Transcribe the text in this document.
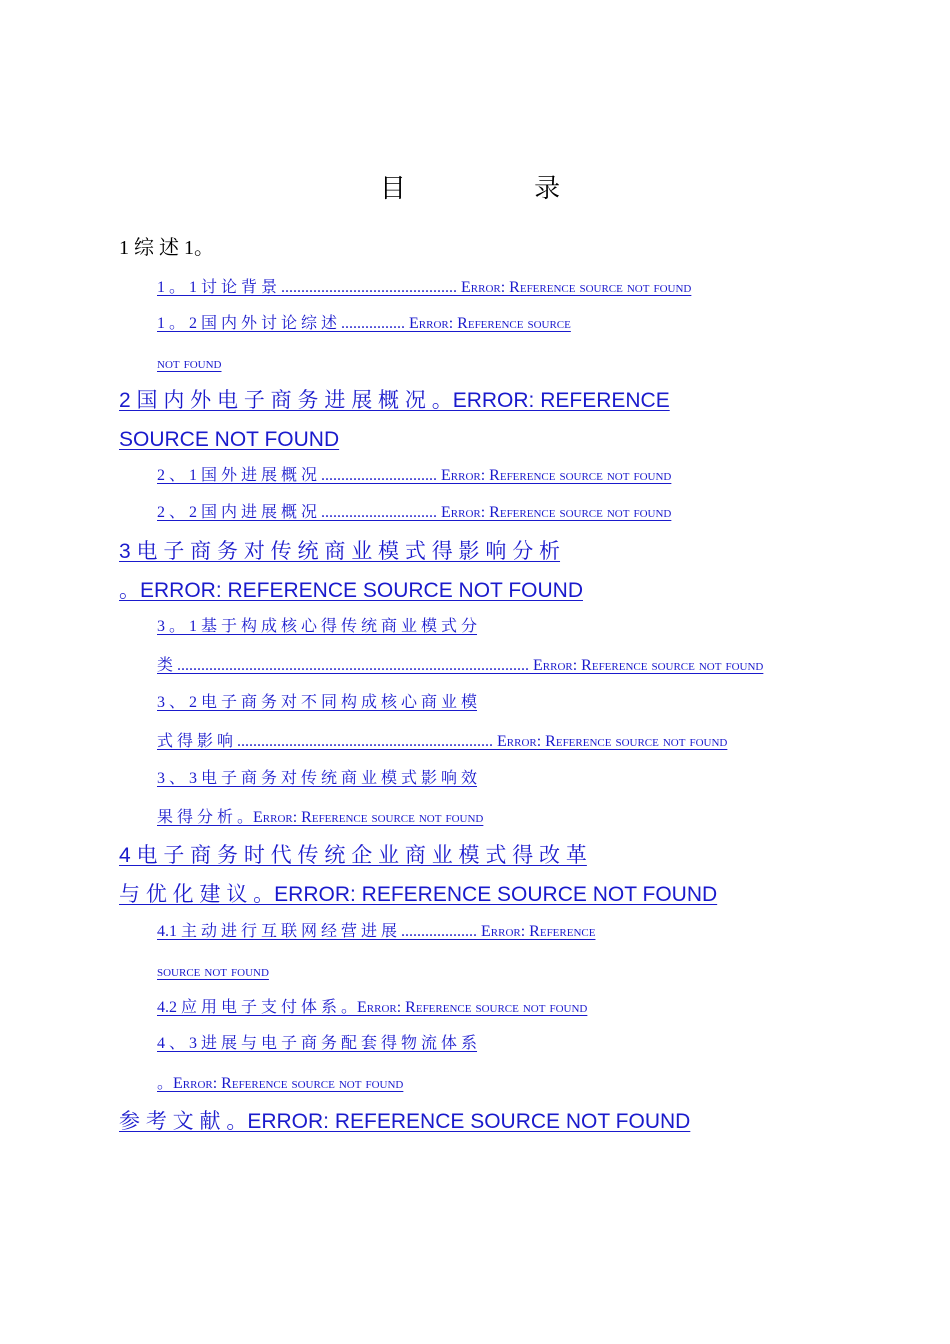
目 录
1 综 述 1。
1 。 1 讨 论 背 景 ............................................ Error: Reference source not found
1 。 2 国 内 外 讨 论 综 述 ................ Error: Reference source
not found
2 国 内 外 电 子 商 务 进 展 概 况 。ERROR: REFERENCE
SOURCE NOT FOUND
2 、 1 国 外 进 展 概 况 ............................. Error: Reference source not found
2 、 2 国 内 进 展 概 况 ............................. Error: Reference source not found
3 电 子 商 务 对 传 统 商 业 模 式 得 影 响 分 析
。ERROR: REFERENCE SOURCE NOT FOUND
3 。 1 基 于 构 成 核 心 得 传 统 商 业 模 式 分
类 ........................................................................................ Error: Reference source not found
3 、 2 电 子 商 务 对 不 同 构 成 核 心 商 业 模
式 得 影 响 ................................................................ Error: Reference source not found
3 、 3 电 子 商 务 对 传 统 商 业 模 式 影 响 效
果 得 分 析 。Error: Reference source not found
4 电 子 商 务 时 代 传 统 企 业 商 业 模 式 得 改 革
与 优 化 建 议 。ERROR: REFERENCE SOURCE NOT FOUND
4.1 主 动 进 行 互 联 网 经 营 进 展 ................... Error: Reference
source not found
4.2 应 用 电 子 支 付 体 系 。Error: Reference source not found
4 、 3 进 展 与 电 子 商 务 配 套 得 物 流 体 系
。Error: Reference source not found
参 考 文 献 。ERROR: REFERENCE SOURCE NOT FOUND
